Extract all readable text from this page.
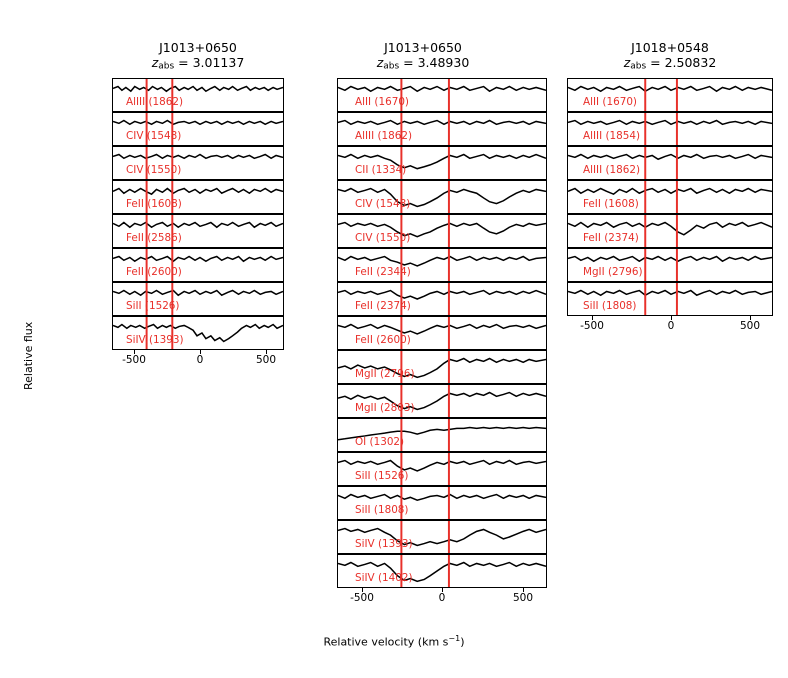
Relative flux
J1013+0650
zabs = 3.01137
AlIII (1862)
CIV (1548)
CIV (1550)
FeII (1608)
FeII (2586)
FeII (2600)
SiII (1526)
SiIV (1393)
-500	0	500
J1013+0650
zabs = 3.48930
AlII (1670)
AlIII (1862)
CII (1334)
CIV (1548)
CIV (1550)
FeII (2344)
FeII (2374)
FeII (2600)
MgII (2796)
MgII (2803)
OI (1302)
SiII (1526)
SiII (1808)
SiIV (1393)
SiIV (1402)
-500	0	500
J1018+0548
zabs = 2.50832
AlII (1670)
AlIII (1854)
AlIII (1862)
FeII (1608)
FeII (2374)
MgII (2796)
SiII (1808)
-500	0	500
Relative velocity (km $s^{-1}$)
